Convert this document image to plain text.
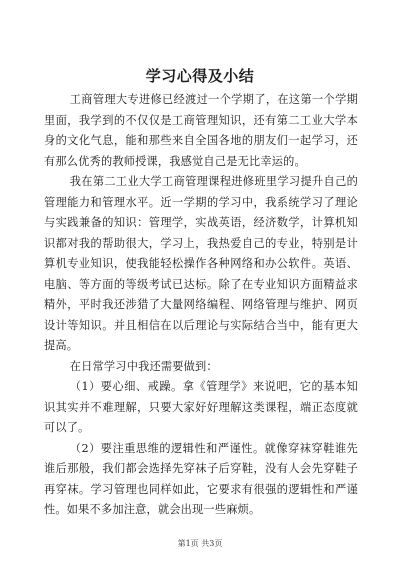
学习心得及小结

工商管理大专进修已经渡过一个学期了，在这第一个学期里面，我学到的不仅仅是工商管理知识，还有第二工业大学本身的文化气息，能和那些来自全国各地的朋友们一起学习，还有那么优秀的教师授课，我感觉自己是无比幸运的。

我在第二工业大学工商管理课程进修班里学习提升自己的管理能力和管理水平。近一学期的学习中，我系统学习了理论与实践兼备的知识：管理学，实战英语，经济数学，计算机知识都对我的帮助很大，学习上，我热爱自己的专业，特别是计算机专业知识，使我能轻松操作各种网络和办公软件。英语、电脑、等方面的等级考试已达标。除了在专业知识方面精益求精外，平时我还涉猎了大量网络编程、网络管理与维护、网页设计等知识。并且相信在以后理论与实际结合当中，能有更大提高。

在日常学习中我还需要做到：

（1）要心细、戒躁。拿《管理学》来说吧，它的基本知识其实并不难理解，只要大家好好理解这类课程，端正态度就可以了。

（2）要注重思维的逻辑性和严谨性。就像穿袜穿鞋谁先谁后那般，我们都会选择先穿袜子后穿鞋，没有人会先穿鞋子再穿袜。学习管理也同样如此，它要求有很强的逻辑性和严谨性。如果不多加注意，就会出现一些麻烦。

第1页 共3页
